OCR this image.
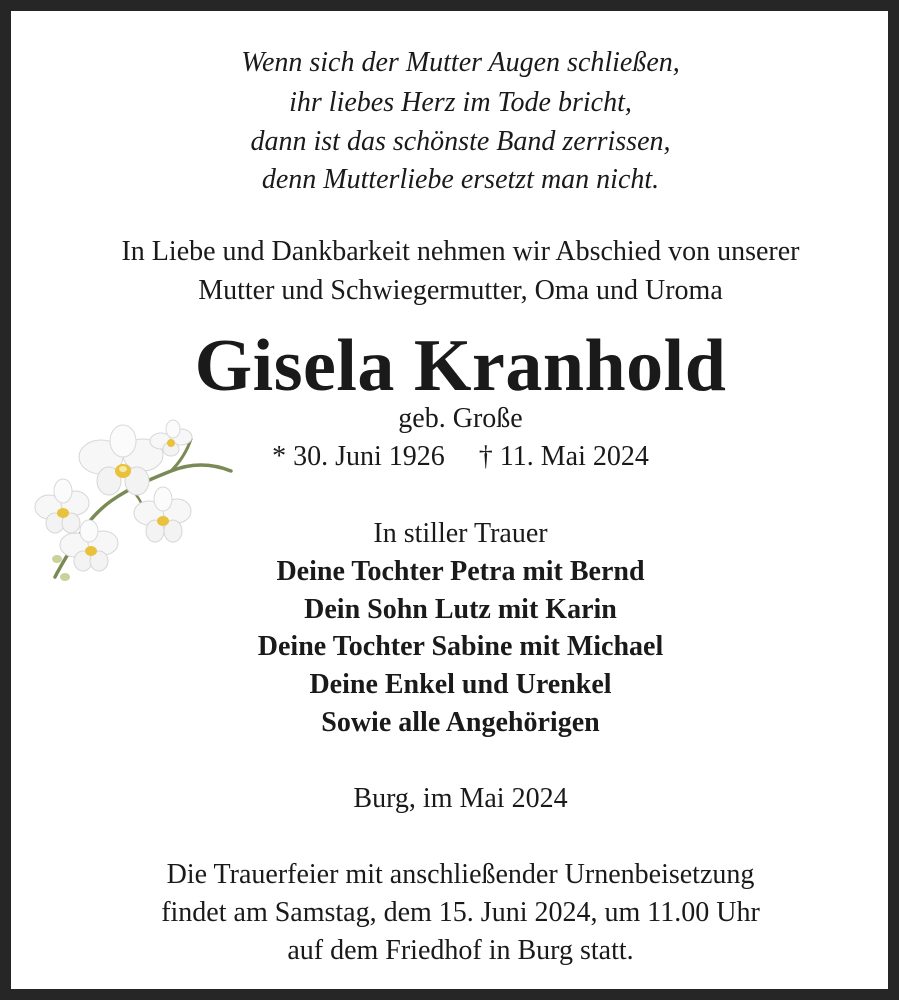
Wenn sich der Mutter Augen schließen,
ihr liebes Herz im Tode bricht,
dann ist das schönste Band zerrissen,
denn Mutterliebe ersetzt man nicht.
In Liebe und Dankbarkeit nehmen wir Abschied von unserer
Mutter und Schwiegermutter, Oma und Uroma
Gisela Kranhold
geb. Große
* 30. Juni 1926 † 11. Mai 2024
In stiller Trauer
Deine Tochter Petra mit Bernd
Dein Sohn Lutz mit Karin
Deine Tochter Sabine mit Michael
Deine Enkel und Urenkel
Sowie alle Angehörigen
Burg, im Mai 2024
Die Trauerfeier mit anschließender Urnenbeisetzung
findet am Samstag, dem 15. Juni 2024, um 11.00 Uhr
auf dem Friedhof in Burg statt.
